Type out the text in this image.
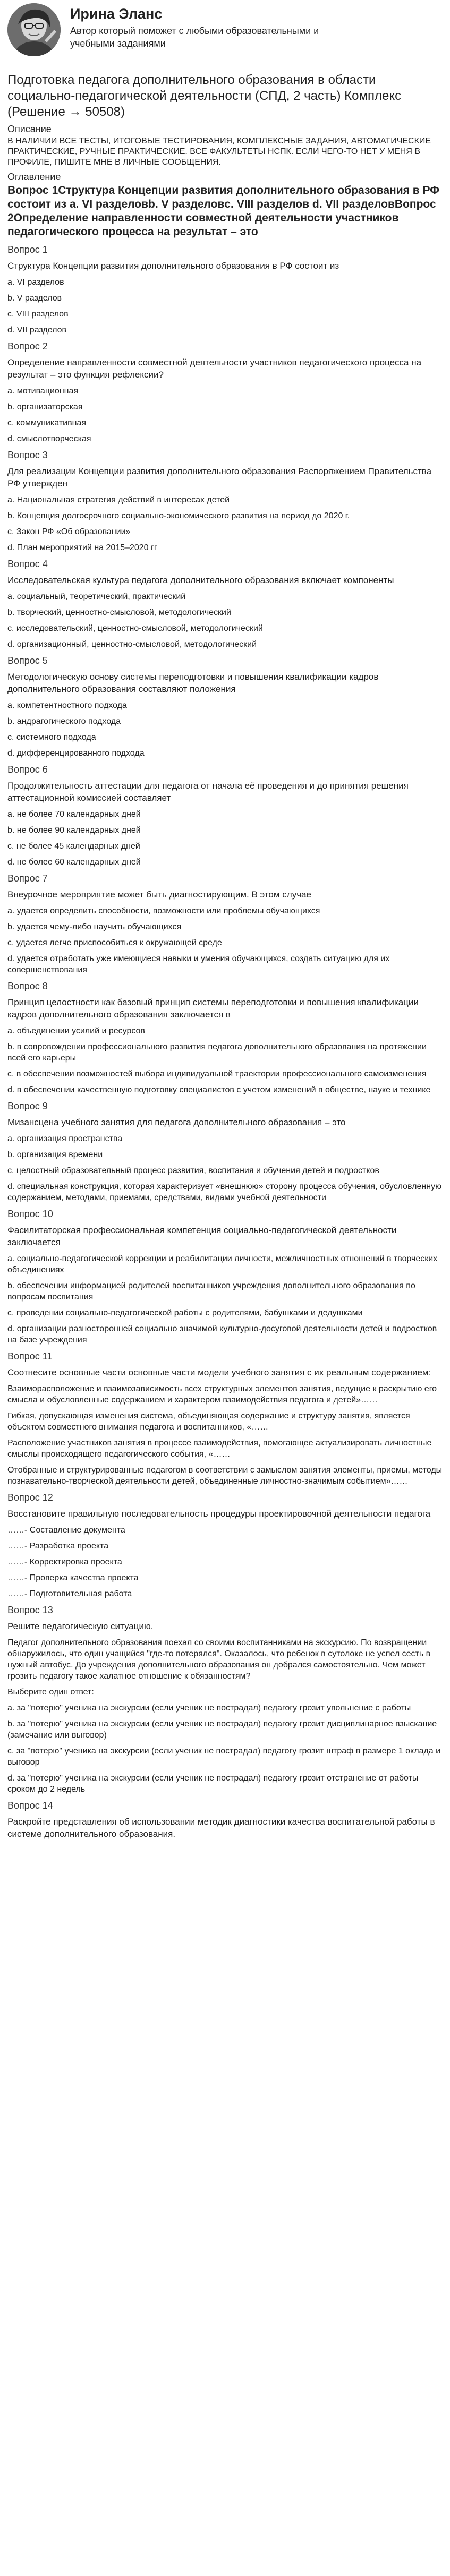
Ирина Эланс
Автор который поможет с любыми образовательными и учебными заданиями
Подготовка педагога дополнительного образования в области социально-педагогической деятельности (СПД, 2 часть) Комплекс (Решение → 50508)
Описание
В НАЛИЧИИ ВСЕ ТЕСТЫ, ИТОГОВЫЕ ТЕСТИРОВАНИЯ, КОМПЛЕКСНЫЕ ЗАДАНИЯ, АВТОМАТИЧЕСКИЕ ПРАКТИЧЕСКИЕ, РУЧНЫЕ ПРАКТИЧЕСКИЕ. ВСЕ ФАКУЛЬТЕТЫ НСПК. ЕСЛИ ЧЕГО-ТО НЕТ У МЕНЯ В ПРОФИЛЕ, ПИШИТЕ МНЕ В ЛИЧНЫЕ СООБЩЕНИЯ.
Оглавление
Вопрос 1Структура Концепции развития дополнительного образования в РФ состоит из a. VI разделовb. V разделовc. VIII разделов d. VII разделовВопрос 2Определение направленности совместной деятельности участников педагогического процесса на результат – это
Вопрос 1
Структура Концепции развития дополнительного образования в РФ состоит из
a. VI разделов
b. V разделов
c. VIII разделов
d. VII разделов
Вопрос 2
Определение направленности совместной деятельности участников педагогического процесса на результат – это функция рефлексии?
a. мотивационная
b. организаторская
c. коммуникативная
d. смыслотворческая
Вопрос 3
Для реализации Концепции развития дополнительного образования Распоряжением Правительства РФ утвержден
a. Национальная стратегия действий в интересах детей
b. Концепция долгосрочного социально-экономического развития на период до 2020 г.
c. Закон РФ «Об образовании»
d. План мероприятий на 2015–2020 гг
Вопрос 4
Исследовательская культура педагога дополнительного образования включает компоненты
a. социальный, теоретический, практический
b. творческий, ценностно-смысловой, методологический
c. исследовательский, ценностно-смысловой, методологический
d. организационный, ценностно-смысловой, методологический
Вопрос 5
Методологическую основу системы переподготовки и повышения квалификации кадров дополнительного образования составляют положения
a. компетентностного подхода
b. андрагогического подхода
c. системного подхода
d. дифференцированного подхода
Вопрос 6
Продолжительность аттестации для педагога от начала её проведения и до принятия решения аттестационной комиссией составляет
a. не более 70 календарных дней
b. не более 90 календарных дней
c. не более 45 календарных дней
d. не более 60 календарных дней
Вопрос 7
Внеурочное мероприятие может быть диагностирующим. В этом случае
a. удается определить способности, возможности или проблемы обучающихся
b. удается чему-либо научить обучающихся
c. удается легче приспособиться к окружающей среде
d. удается отработать уже имеющиеся навыки и умения обучающихся, создать ситуацию для их совершенствования
Вопрос 8
Принцип целостности как базовый принцип системы переподготовки и повышения квалификации кадров дополнительного образования заключается в
a. объединении усилий и ресурсов
b. в сопровождении профессионального развития педагога дополнительного образования на протяжении всей его карьеры
c. в обеспечении возможностей выбора индивидуальной траектории профессионального самоизменения
d. в обеспечении качественную подготовку специалистов с учетом изменений в обществе, науке и технике
Вопрос 9
Мизансцена учебного занятия для педагога дополнительного образования – это
a. организация пространства
b. организация времени
c. целостный образовательный процесс развития, воспитания и обучения детей и подростков
d. специальная конструкция, которая характеризует «внешнюю» сторону процесса обучения, обусловленную содержанием, методами, приемами, средствами, видами учебной деятельности
Вопрос 10
Фасилитаторская профессиональная компетенция социально-педагогической деятельности заключается
a. социально-педагогической коррекции и реабилитации личности, межличностных отношений в творческих объединениях
b. обеспечении информацией родителей воспитанников учреждения дополнительного образования по вопросам воспитания
c. проведении социально-педагогической работы с родителями, бабушками и дедушками
d. организации разносторонней социально значимой культурно-досуговой деятельности детей и подростков на базе учреждения
Вопрос 11
Соотнесите основные части основные части модели учебного занятия с их реальным содержанием:
Взаиморасположение и взаимозависимость всех структурных элементов занятия, ведущие к раскрытию его смысла и обусловленные содержанием и характером взаимодействия педагога и детей»……
Гибкая, допускающая изменения система, объединяющая содержание и структуру занятия, является объектом совместного внимания педагога и воспитанников, «……
Расположение участников занятия в процессе взаимодействия, помогающее актуализировать личностные смыслы происходящего педагогического события, «……
Отобранные и структурированные педагогом в соответствии с замыслом занятия элементы, приемы, методы познавательно-творческой деятельности детей, объединенные личностно-значимым событием»……
Вопрос 12
Восстановите правильную последовательность процедуры проектировочной деятельности педагога
……- Составление документа
……- Разработка проекта
……- Корректировка проекта
……- Проверка качества проекта
……- Подготовительная работа
Вопрос 13
Решите педагогическую ситуацию.
Педагог дополнительного образования поехал со своими воспитанниками на экскурсию. По возвращении обнаружилось, что один учащийся "где-то потерялся". Оказалось, что ребенок в сутолоке не успел сесть в нужный автобус. До учреждения дополнительного образования он добрался самостоятельно. Чем может грозить педагогу такое халатное отношение к обязанностям?
Выберите один ответ:
a. за "потерю" ученика на экскурсии (если ученик не пострадал) педагогу грозит увольнение с работы
b. за "потерю" ученика на экскурсии (если ученик не пострадал) педагогу грозит дисциплинарное взыскание (замечание или выговор)
c. за "потерю" ученика на экскурсии (если ученик не пострадал) педагогу грозит штраф в размере 1 оклада и выговор
d. за "потерю" ученика на экскурсии (если ученик не пострадал) педагогу грозит отстранение от работы сроком до 2 недель
Вопрос 14
Раскройте представления об использовании методик диагностики качества воспитательной работы в системе дополнительного образования.
